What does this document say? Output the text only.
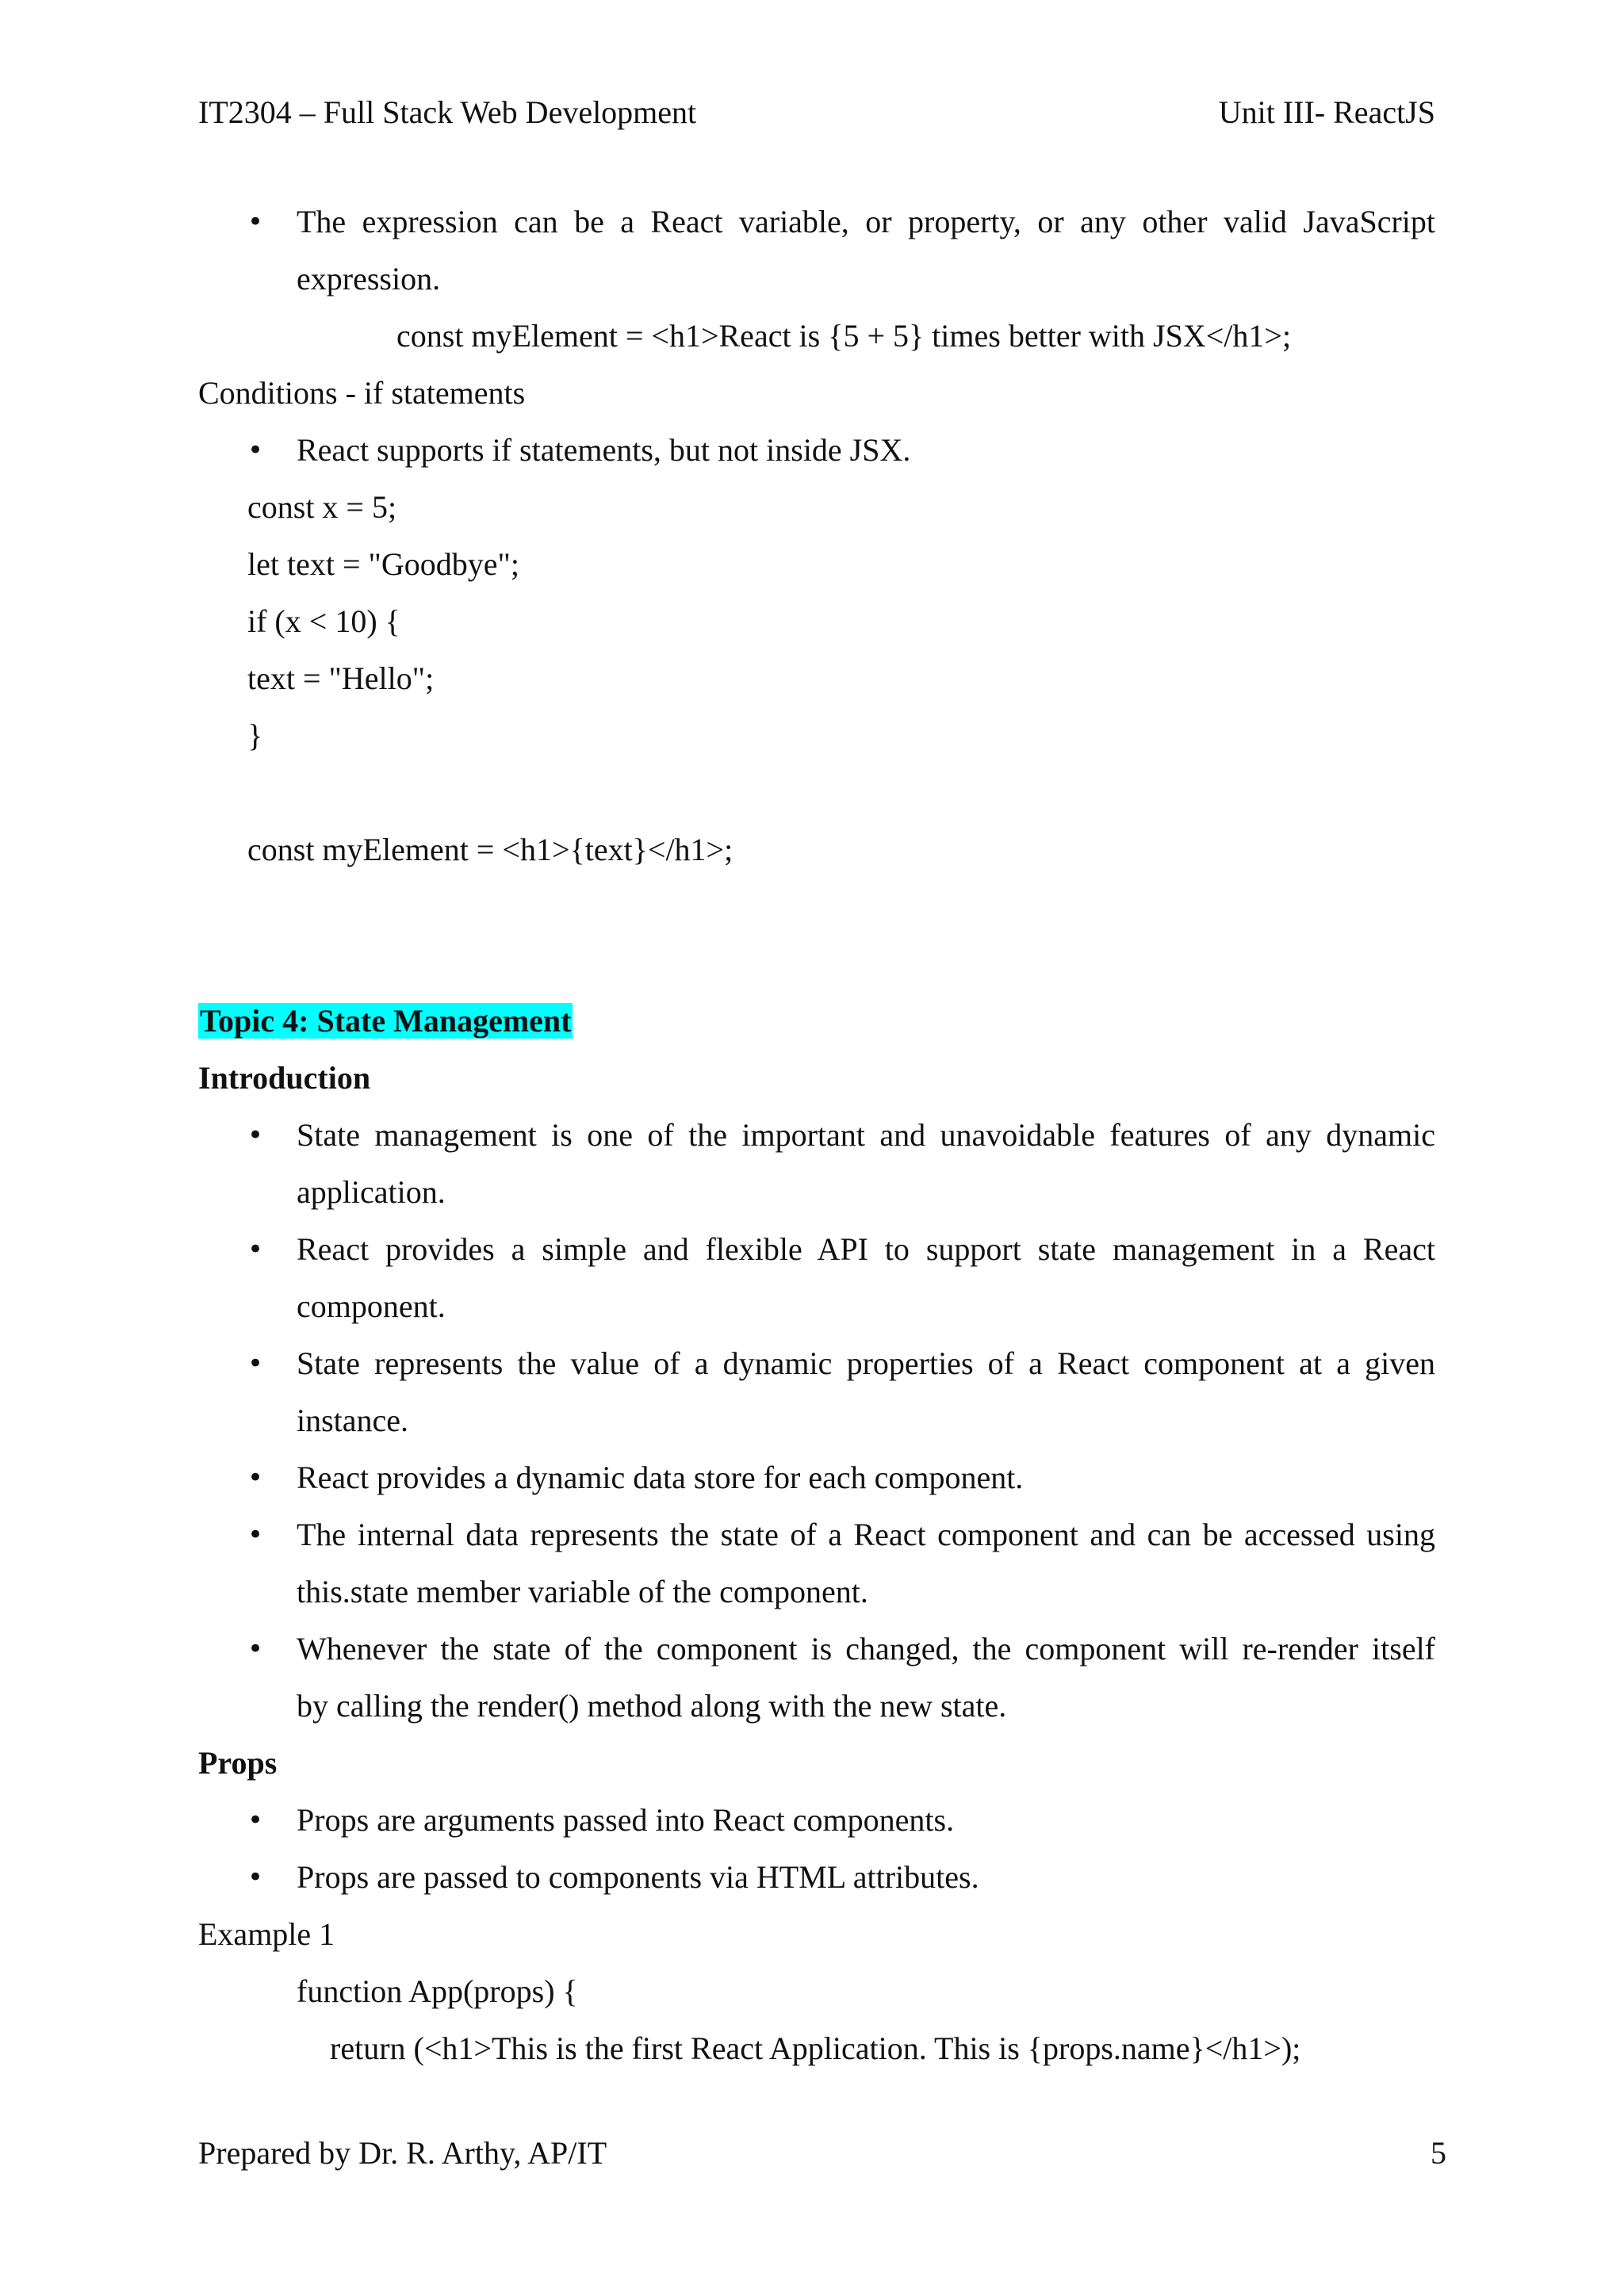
IT2304 – Full Stack Web Development	Unit III- ReactJS
• The expression can be a React variable, or property, or any other valid JavaScript
expression.
const myElement = <h1>React is {5 + 5} times better with JSX</h1>;
Conditions - if statements
• React supports if statements, but not inside JSX.
const x = 5;
let text = "Goodbye";
if (x < 10) {
text = "Hello";
}
const myElement = <h1>{text}</h1>;
Topic 4: State Management
Introduction
• State management is one of the important and unavoidable features of any dynamic
application.
• React provides a simple and flexible API to support state management in a React
component.
• State represents the value of a dynamic properties of a React component at a given
instance.
• React provides a dynamic data store for each component.
• The internal data represents the state of a React component and can be accessed using
this.state member variable of the component.
• Whenever the state of the component is changed, the component will re-render itself
by calling the render() method along with the new state.
Props
• Props are arguments passed into React components.
• Props are passed to components via HTML attributes.
Example 1
function App(props) {
return (<h1>This is the first React Application. This is {props.name}</h1>);
Prepared by Dr. R. Arthy, AP/IT	5
